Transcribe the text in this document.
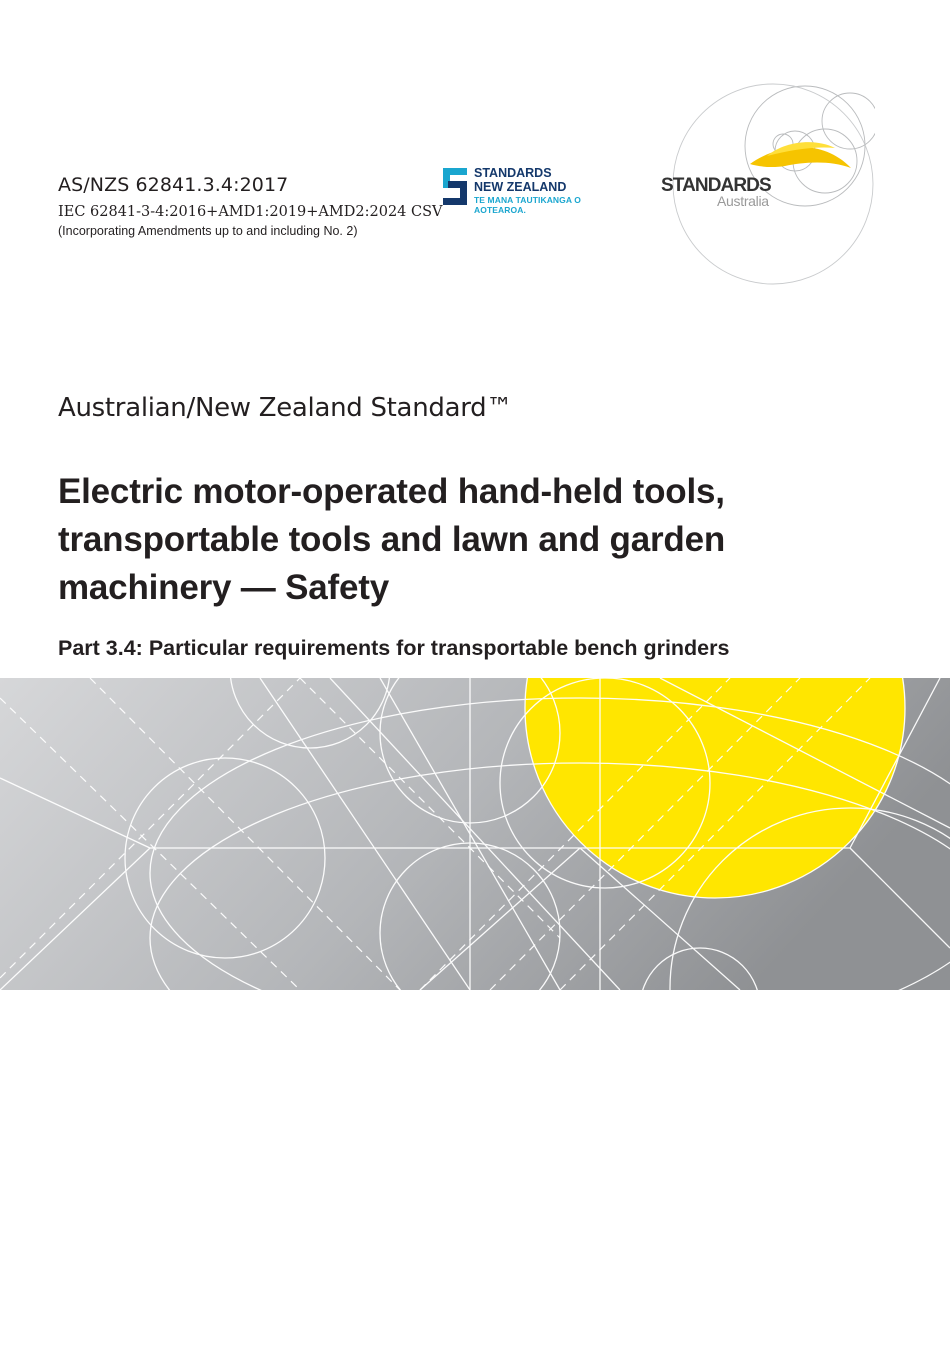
AS/NZS 62841.3.4:2017
IEC 62841-3-4:2016+AMD1:2019+AMD2:2024 CSV
(Incorporating Amendments up to and including No. 2)
STANDARDS
NEW ZEALAND
TE MANA TAUTIKANGA O AOTEAROA.
STANDARDS
Australia
Australian/New Zealand Standard™
Electric motor-operated hand-held tools, transportable tools and lawn and garden machinery — Safety
Part 3.4: Particular requirements for transportable bench grinders
